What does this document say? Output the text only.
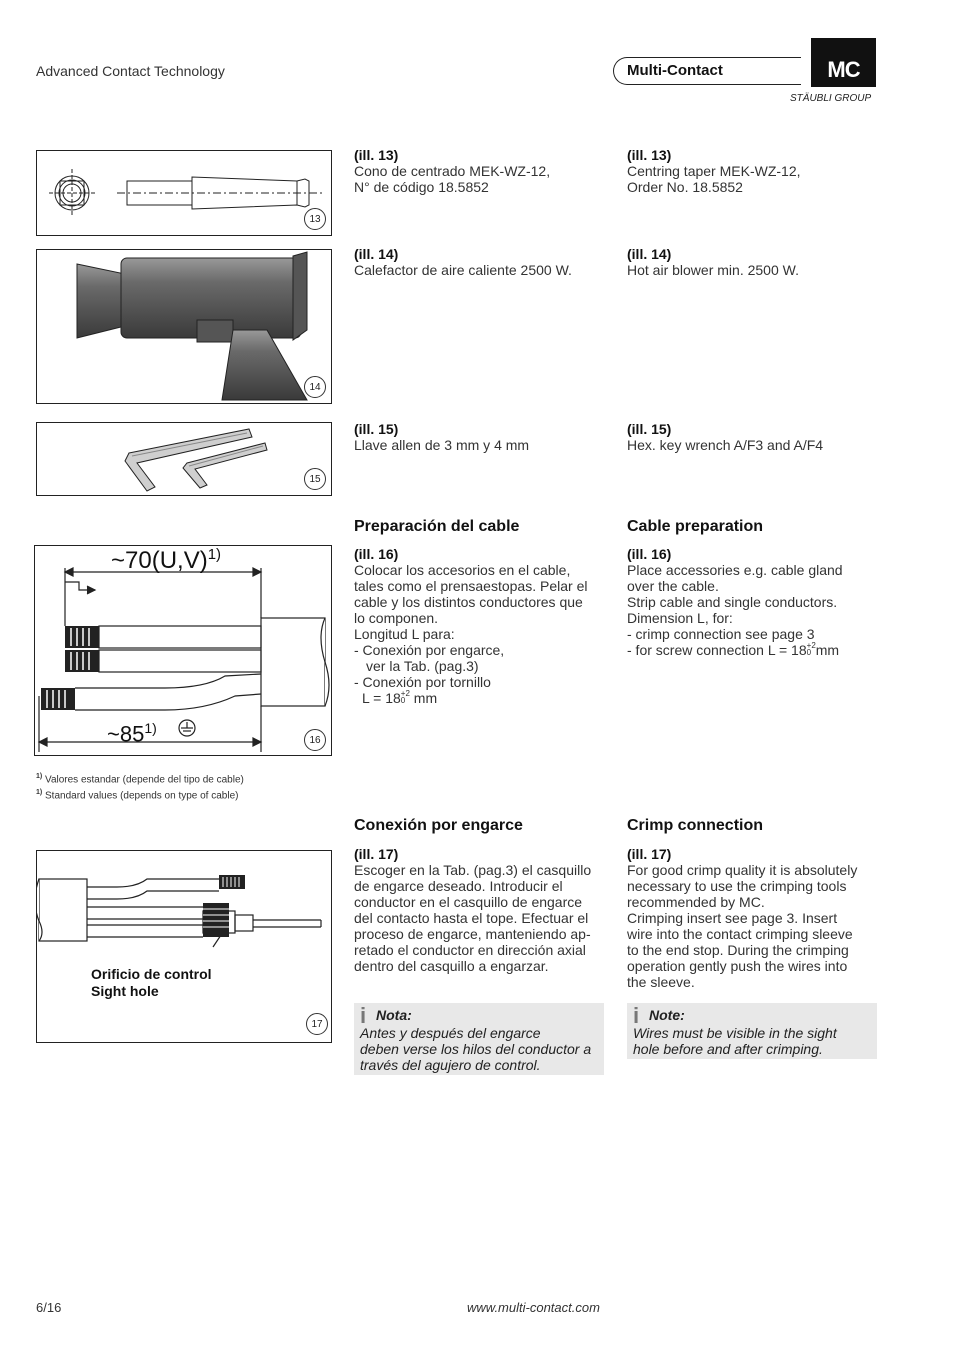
Advanced Contact Technology	Multi-Contact	MC
STÄUBLI GROUP
13
14
15
(ill. 13)
Cono de centrado MEK-WZ-12,
N° de código 18.5852
(ill. 13)
Centring taper MEK-WZ-12,
Order No. 18.5852
(ill. 14)
Calefactor de aire caliente 2500 W.
(ill. 14)
Hot air blower min. 2500 W.
(ill. 15)
Llave allen de 3 mm y 4 mm
(ill. 15)
Hex. key wrench A/F3 and A/F4
Preparación del cable	Cable preparation
$\sim 70(U,V)^{1)}$
~85$^{1)}$
16
(ill. 16)
Colocar los accesorios en el cable,
tales como el prensaestopas. Pelar el
cable y los distintos conductores que
lo componen.
Longitud L para:
- Conexión por engarce,
ver la Tab. (pag.3)
- Conexión por tornillo
L = 18+2
0 mm
(ill. 16)
Place accessories e.g. cable gland
over the cable.
Strip cable and single conductors.
Dimension L, for:
- crimp connection see page 3
- for screw connection L = 18+2
0 mm
$^{1)}$ Valores estandar (depende del tipo de cable)
$^{1)}$ Standard values (depends on type of cable)
Conexión por engarce	Crimp connection
Orificio de control
Sight hole
17
(ill. 17)
Escoger en la Tab. (pag.3) el casquillo
de engarce deseado. Introducir el
conductor en el casquillo de engarce
del contacto hasta el tope. Efectuar el
proceso de engarce, manteniendo ap-
retado el conductor en dirección axial
dentro del casquillo a engarzar.
(ill. 17)
For good crimp quality it is absolutely
necessary to use the crimping tools
recommended by MC.
Crimping insert see page 3. Insert
wire into the contact crimping sleeve
to the end stop. During the crimping
operation gently push the wires into
the sleeve.
i Nota:
Antes y después del engarce
deben verse los hilos del conductor a
través del agujero de control.
i Note:
Wires must be visible in the sight
hole before and after crimping.
6/16	www.multi-contact.com
